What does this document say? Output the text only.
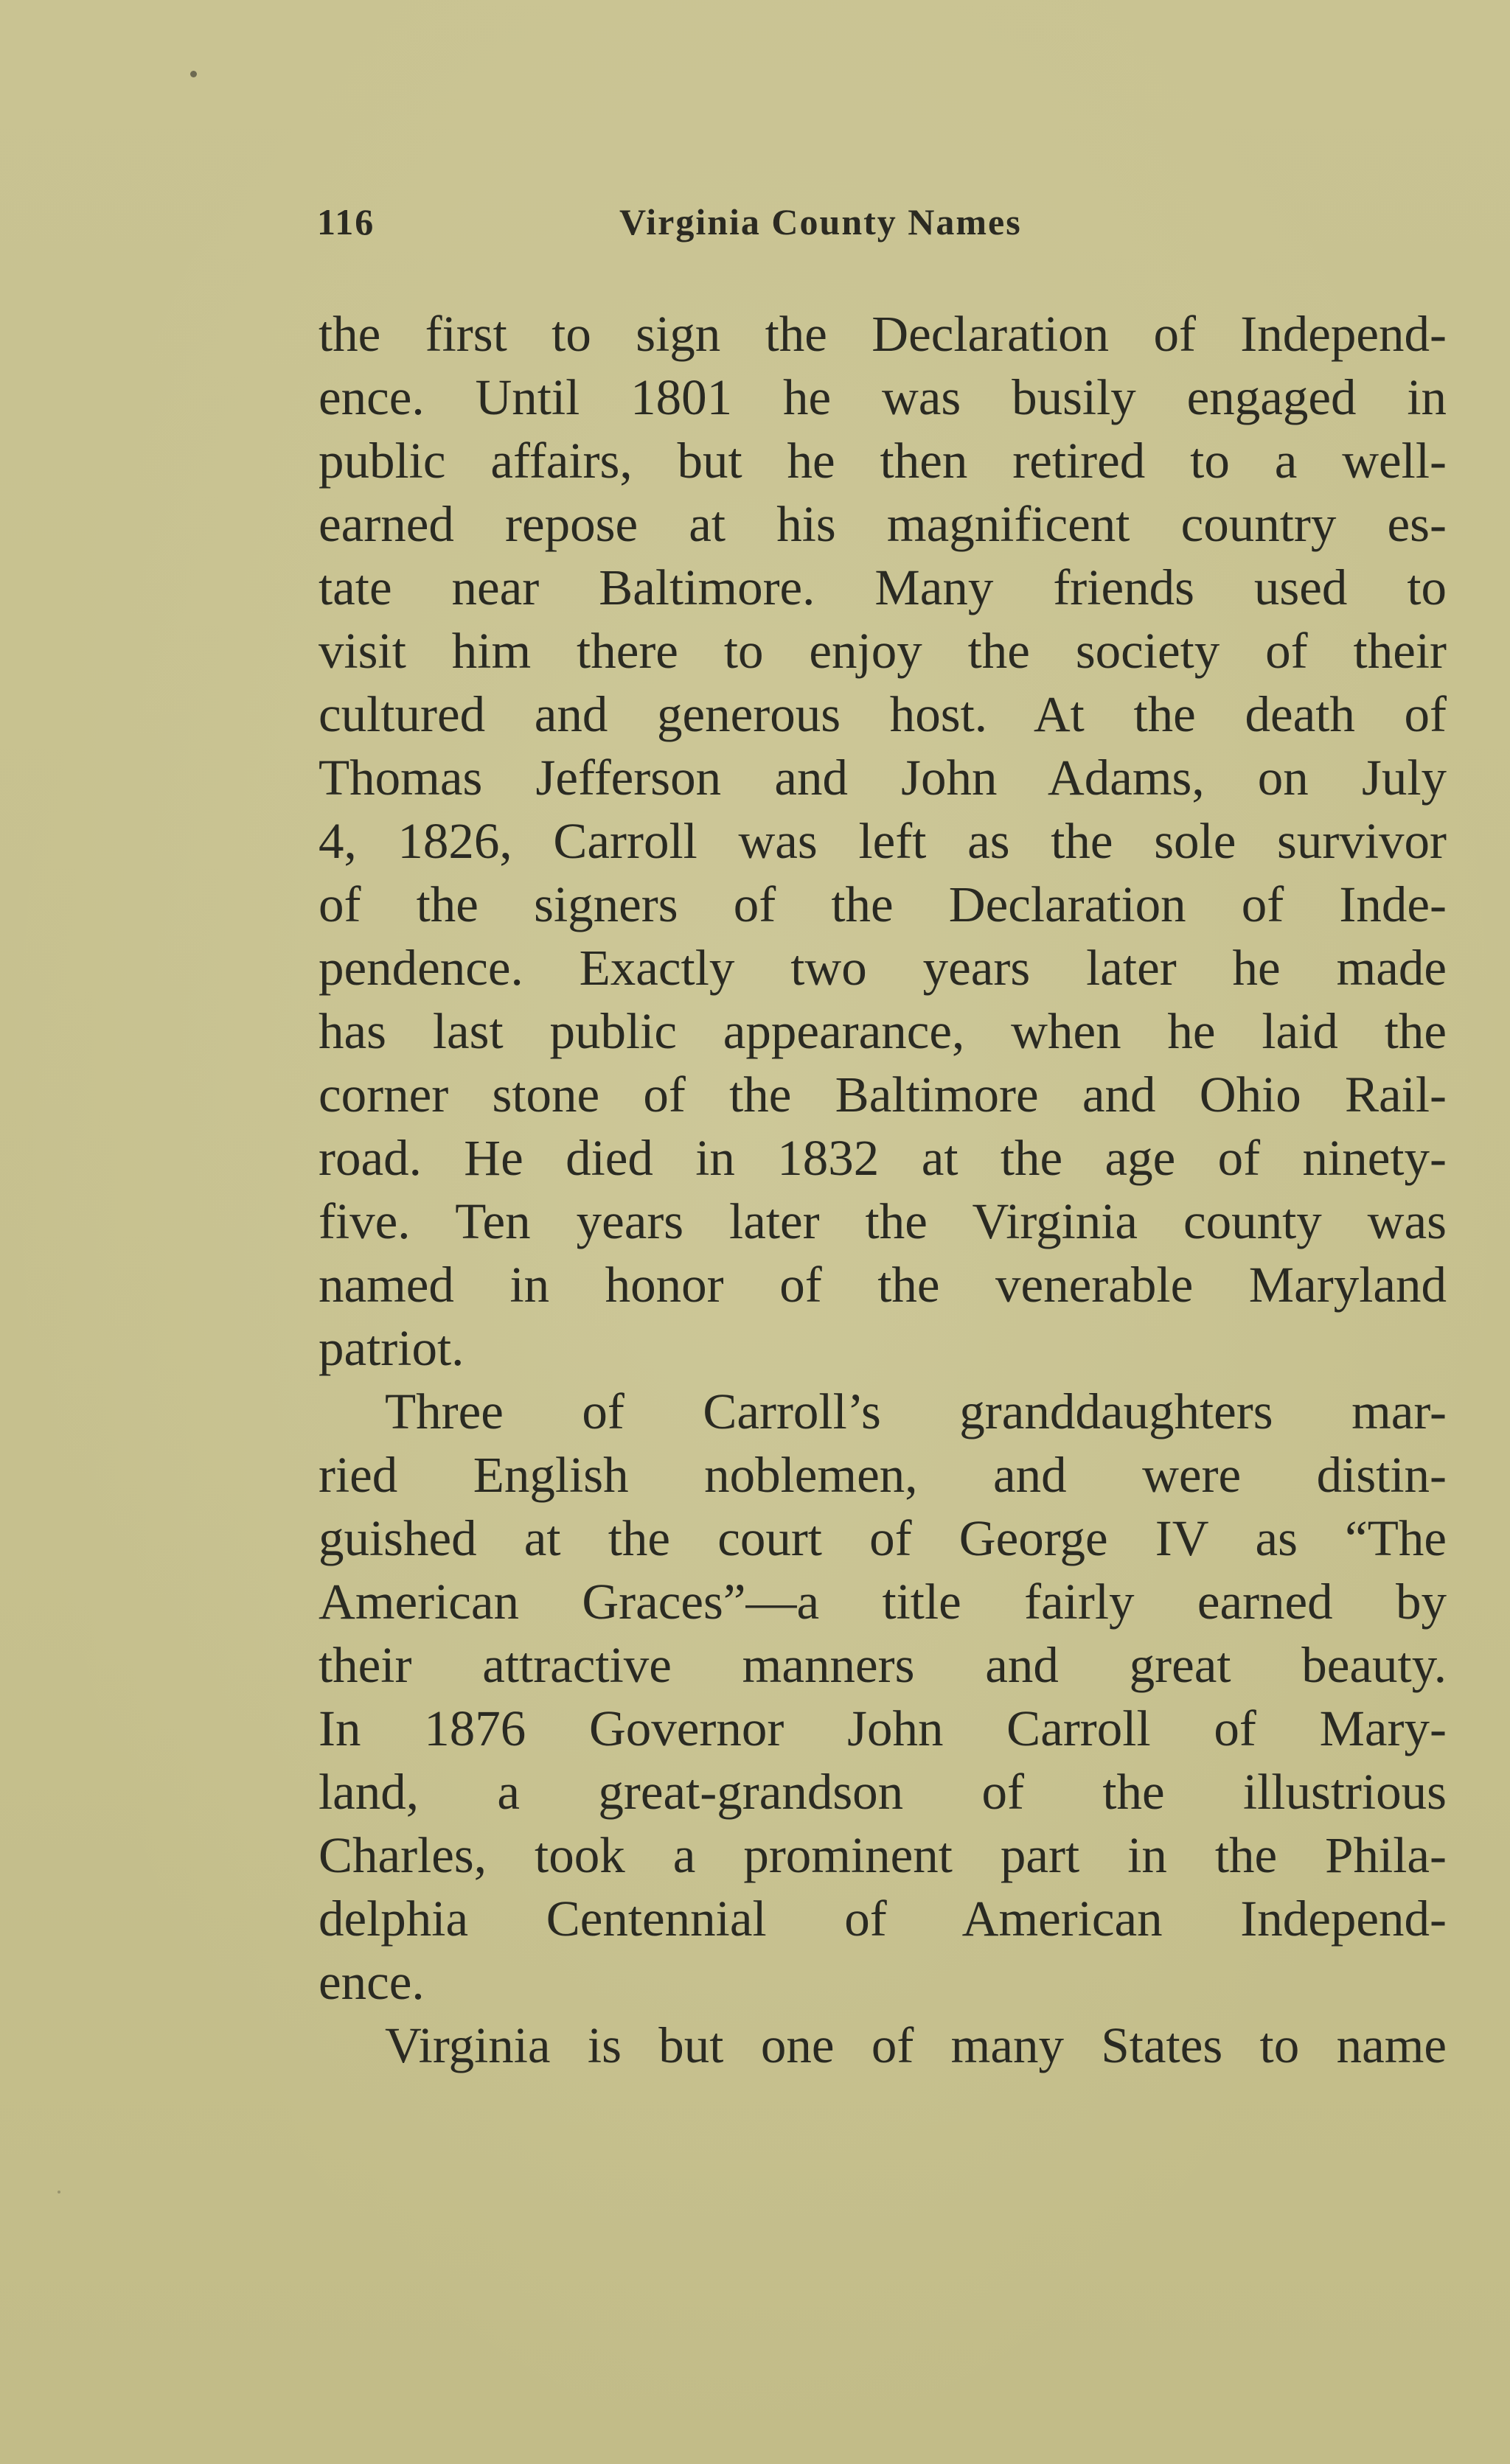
116	Virginia County Names
the first to sign the Declaration of Independ-
ence. Until 1801 he was busily engaged in
public affairs, but he then retired to a well-
earned repose at his magnificent country es-
tate near Baltimore. Many friends used to
visit him there to enjoy the society of their
cultured and generous host. At the death of
Thomas Jefferson and John Adams, on July
4, 1826, Carroll was left as the sole survivor
of the signers of the Declaration of Inde-
pendence. Exactly two years later he made
has last public appearance, when he laid the
corner stone of the Baltimore and Ohio Rail-
road. He died in 1832 at the age of ninety-
five. Ten years later the Virginia county was
named in honor of the venerable Maryland
patriot.
Three of Carroll’s granddaughters mar-
ried English noblemen, and were distin-
guished at the court of George IV as “The
American Graces”—a title fairly earned by
their attractive manners and great beauty.
In 1876 Governor John Carroll of Mary-
land, a great-grandson of the illustrious
Charles, took a prominent part in the Phila-
delphia Centennial of American Independ-
ence.
Virginia is but one of many States to name
